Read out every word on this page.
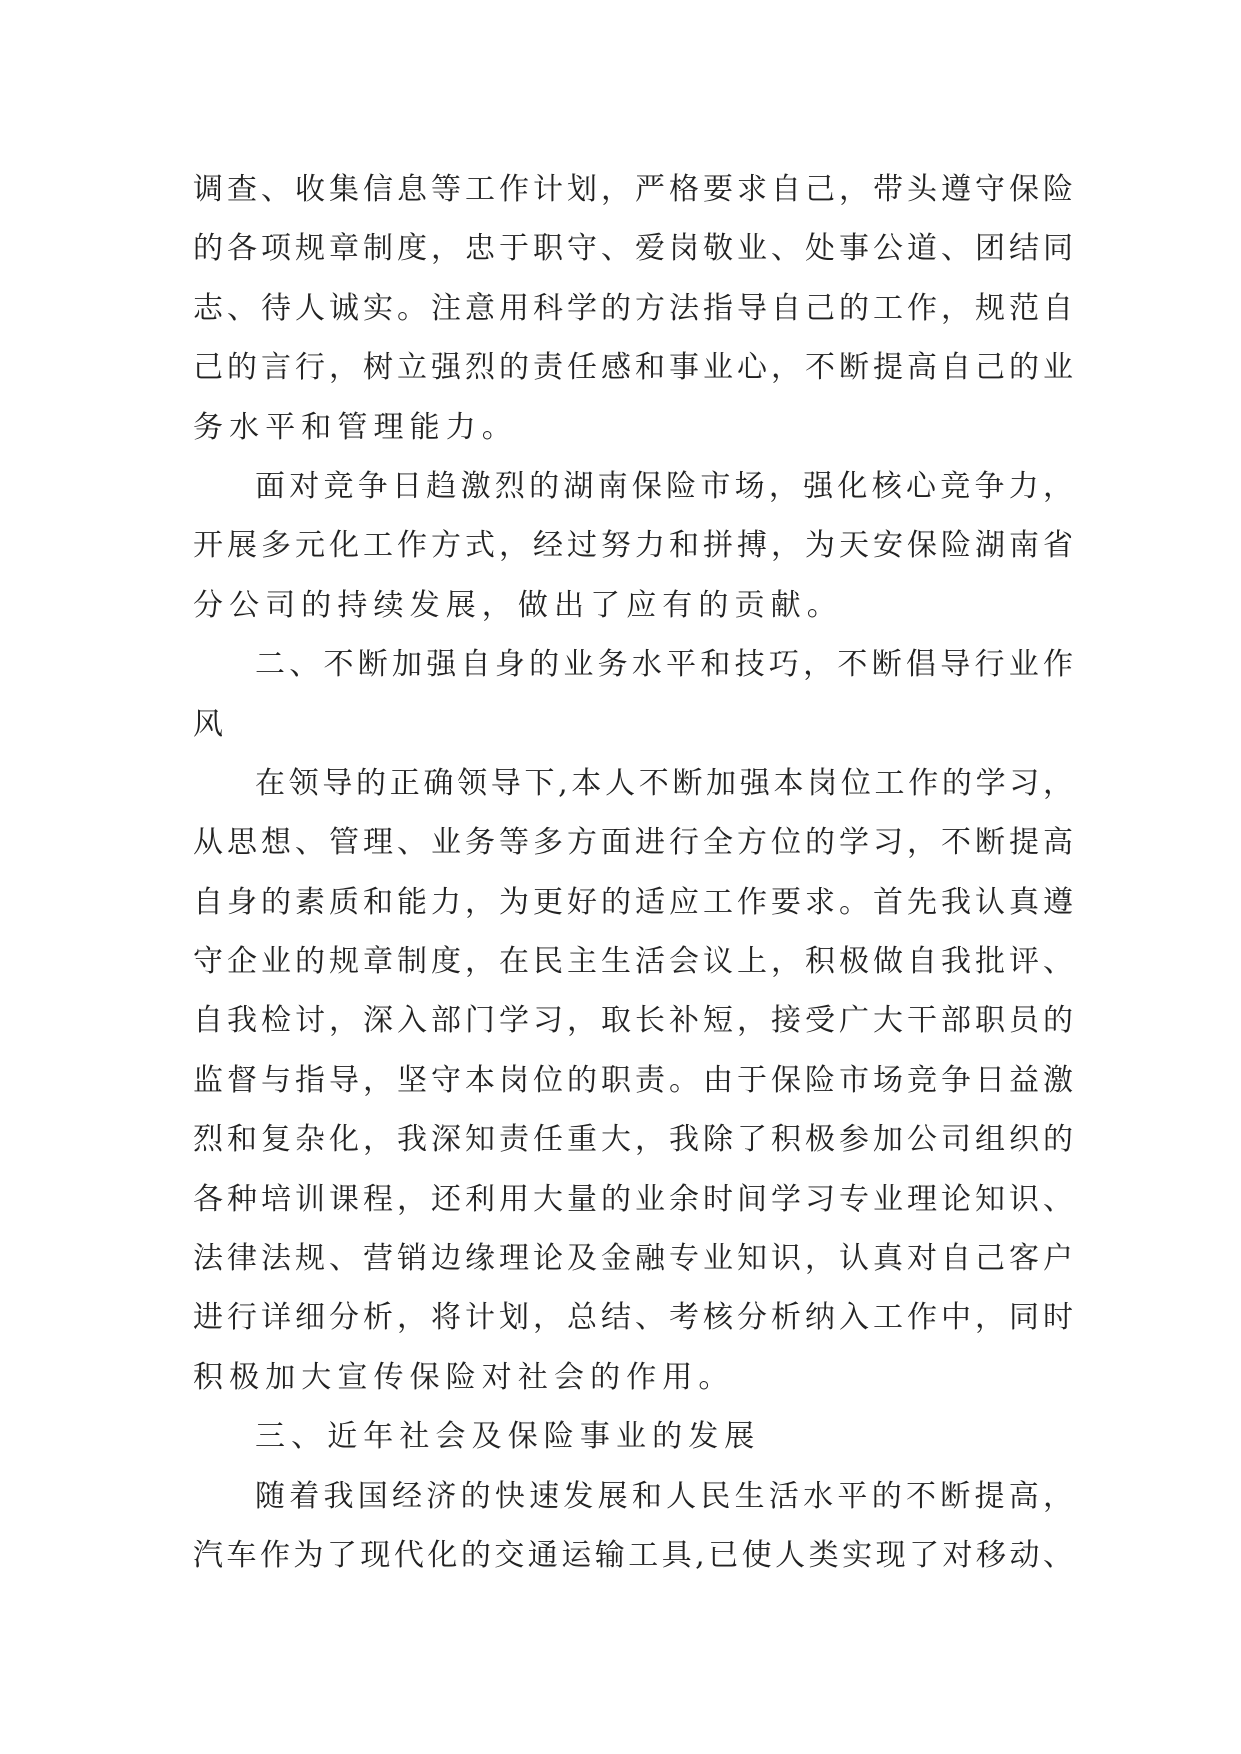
调查、收集信息等工作计划，严格要求自己，带头遵守保险
的各项规章制度，忠于职守、爱岗敬业、处事公道、团结同
志、待人诚实。注意用科学的方法指导自己的工作，规范自
己的言行，树立强烈的责任感和事业心，不断提高自己的业
务水平和管理能力。
面对竞争日趋激烈的湖南保险市场，强化核心竞争力，
开展多元化工作方式，经过努力和拼搏，为天安保险湖南省
分公司的持续发展，做出了应有的贡献。
二、不断加强自身的业务水平和技巧，不断倡导行业作
风
在领导的正确领导下,本人不断加强本岗位工作的学习，
从思想、管理、业务等多方面进行全方位的学习，不断提高
自身的素质和能力，为更好的适应工作要求。首先我认真遵
守企业的规章制度，在民主生活会议上，积极做自我批评、
自我检讨，深入部门学习，取长补短，接受广大干部职员的
监督与指导，坚守本岗位的职责。由于保险市场竞争日益激
烈和复杂化，我深知责任重大，我除了积极参加公司组织的
各种培训课程，还利用大量的业余时间学习专业理论知识、
法律法规、营销边缘理论及金融专业知识，认真对自己客户
进行详细分析，将计划，总结、考核分析纳入工作中，同时
积极加大宣传保险对社会的作用。
三、近年社会及保险事业的发展
随着我国经济的快速发展和人民生活水平的不断提高，
汽车作为了现代化的交通运输工具,已使人类实现了对移动、
